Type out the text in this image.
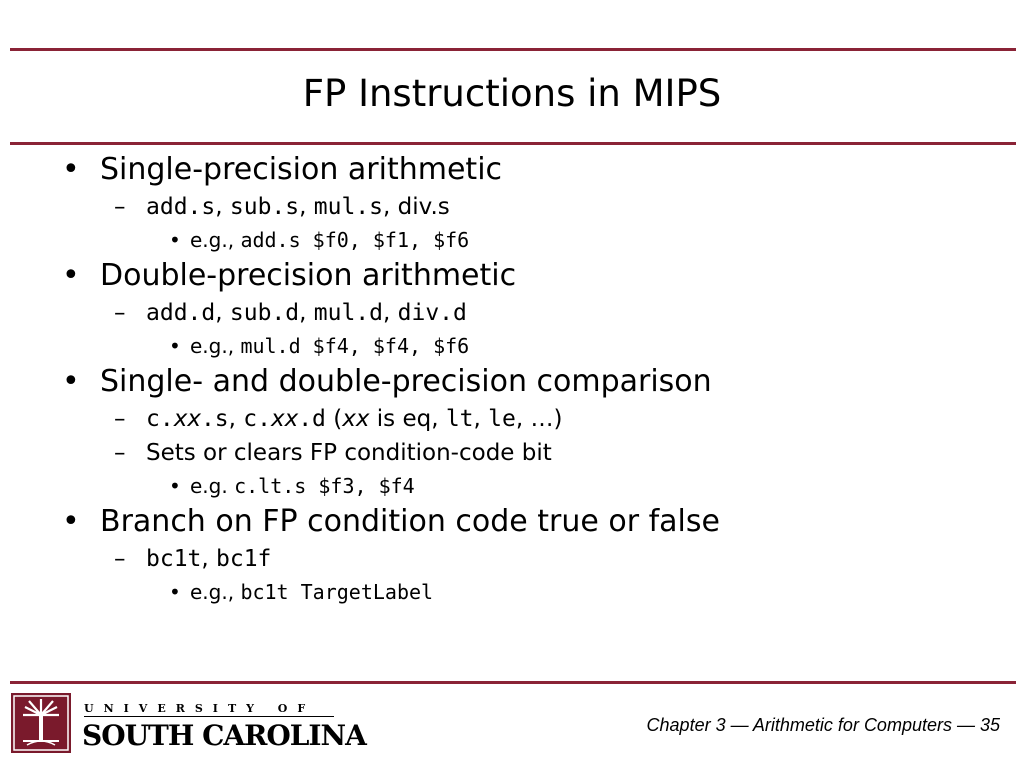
FP Instructions in MIPS
• Single-precision arithmetic
– add.s, sub.s, mul.s, div.s
• e.g., add.s $f0, $f1, $f6
• Double-precision arithmetic
– add.d, sub.d, mul.d, div.d
• e.g., mul.d $f4, $f4, $f6
• Single- and double-precision comparison
– c.xx.s, c.xx.d (xx is eq, lt, le, …)
– Sets or clears FP condition-code bit
• e.g. c.lt.s $f3, $f4
• Branch on FP condition code true or false
– bc1t, bc1f
• e.g., bc1t TargetLabel
UNIVERSITY OF
SOUTH CAROLINA	Chapter 3 — Arithmetic for Computers — 35
